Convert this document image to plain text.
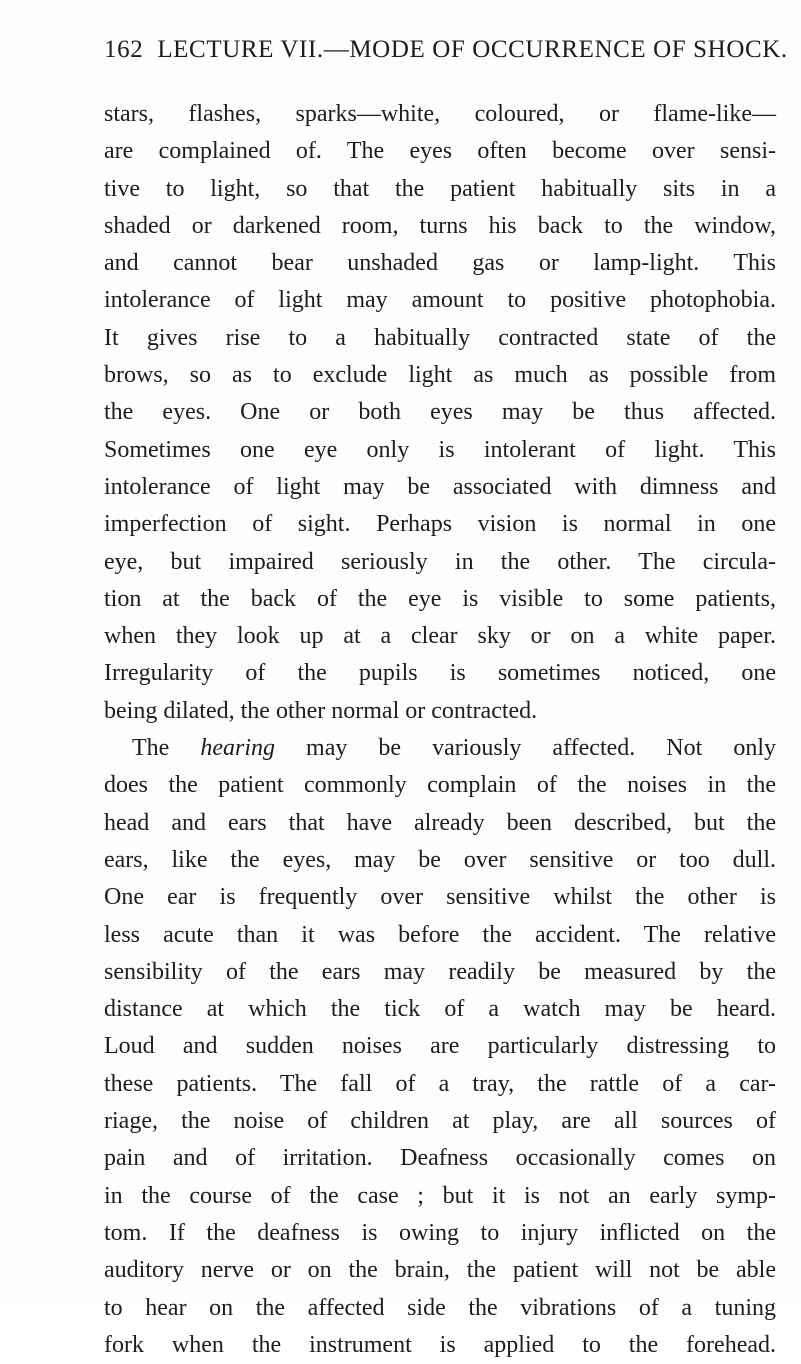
162 LECTURE VII.—MODE OF OCCURRENCE OF SHOCK.
stars, flashes, sparks—white, coloured, or flame-like—
are complained of. The eyes often become over sensi-
tive to light, so that the patient habitually sits in a
shaded or darkened room, turns his back to the window,
and cannot bear unshaded gas or lamp-light. This
intolerance of light may amount to positive photophobia.
It gives rise to a habitually contracted state of the
brows, so as to exclude light as much as possible from
the eyes. One or both eyes may be thus affected.
Sometimes one eye only is intolerant of light. This
intolerance of light may be associated with dimness and
imperfection of sight. Perhaps vision is normal in one
eye, but impaired seriously in the other. The circula-
tion at the back of the eye is visible to some patients,
when they look up at a clear sky or on a white paper.
Irregularity of the pupils is sometimes noticed, one
being dilated, the other normal or contracted.
The hearing may be variously affected. Not only
does the patient commonly complain of the noises in the
head and ears that have already been described, but the
ears, like the eyes, may be over sensitive or too dull.
One ear is frequently over sensitive whilst the other is
less acute than it was before the accident. The relative
sensibility of the ears may readily be measured by the
distance at which the tick of a watch may be heard.
Loud and sudden noises are particularly distressing to
these patients. The fall of a tray, the rattle of a car-
riage, the noise of children at play, are all sources of
pain and of irritation. Deafness occasionally comes on
in the course of the case ; but it is not an early symp-
tom. If the deafness is owing to injury inflicted on the
auditory nerve or on the brain, the patient will not be able
to hear on the affected side the vibrations of a tuning
fork when the instrument is applied to the forehead.
